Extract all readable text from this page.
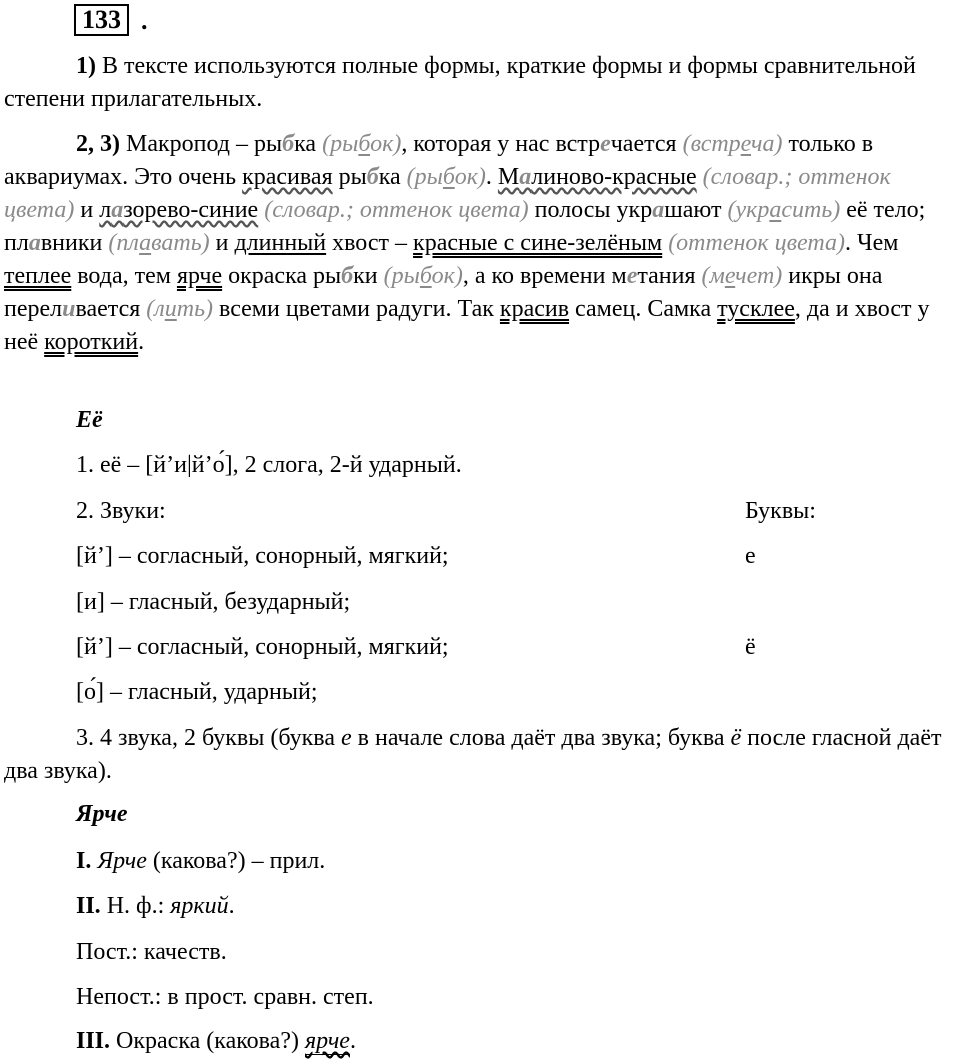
133 .

1) В тексте используются полные формы, краткие формы и формы сравнительной степени прилагательных.

2, 3) Макропод – рыбка (рыбок), которая у нас встречается (встреча) только в аквариумах. Это очень красивая рыбка (рыбок). Малиново-красные (словар.; оттенок цвета) и лазорево-синие (словар.; оттенок цвета) полосы украшают (украсить) её тело; плавники (плавать) и длинный хвост – красные с сине-зелёным (оттенок цвета). Чем теплее вода, тем ярче окраска рыбки (рыбок), а ко времени метания (мечет) икры она переливается (лить) всеми цветами радуги. Так красив самец. Самка тусклее, да и хвост у неё короткий.

Её
1. её – [й’и|й’о́], 2 слога, 2-й ударный.
2. Звуки:	Буквы:
[й’] – согласный, сонорный, мягкий;	е
[и] – гласный, безударный;
[й’] – согласный, сонорный, мягкий;	ё
[о́] – гласный, ударный;

3. 4 звука, 2 буквы (буква е в начале слова даёт два звука; буква ё после гласной даёт два звука).

Ярче
I. Ярче (какова?) – прил.
II. Н. ф.: яркий.
Пост.: качеств.
Непост.: в прост. сравн. степ.
III. Окраска (какова?) ярче.
